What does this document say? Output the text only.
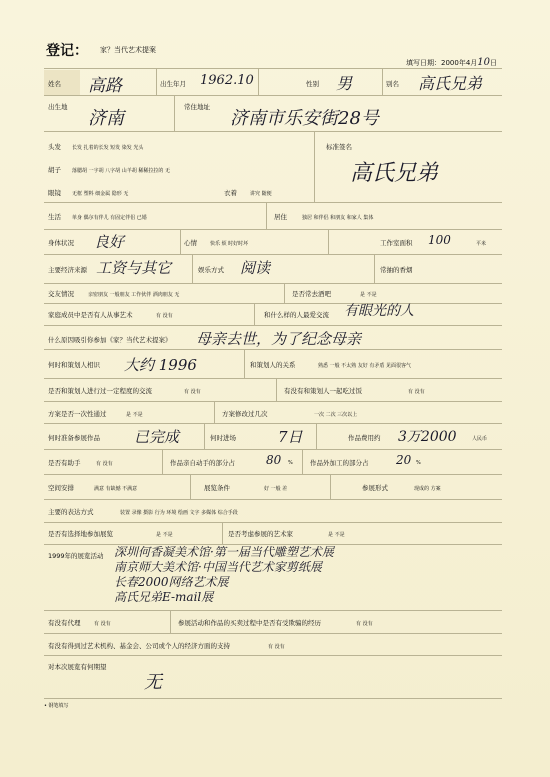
登记： 家？当代艺术提案
填写日期：2000年4月10日
姓名 高路	出生年月 1962.10	性别 男	别名 高氏兄弟
出生地
济南
常住地址
济南市乐安街28号
头发 长发 扎着的长发 短发 染发 光头
胡子 落腮胡 一字胡 八字胡 山羊胡 稀稀拉拉的 无
眼镜 无框 塑料 细金属 隐形 无	衣着	讲究 随便
标准签名
高氏兄弟
生活 单身 偶尔有伴儿 有固定伴侣 已婚	居住	独居 和伴侣 和朋友 和家人 集体
身体状况 良好	心情	快乐 烦 时好时坏	工作室面积 100	平米
主要经济来源 工资与其它	娱乐方式 阅读	常抽的香烟
交友情况	亲密朋友 一般朋友 工作伙伴 酒肉朋友 无	是否常去酒吧	是 不是
家庭成员中是否有人从事艺术	有 没有	和什么样的人最爱交流 有眼光的人
什么原因吸引你参加《家？当代艺术提案》 母亲去世，为了纪念母亲
何时和策划人相识 大约 1996	和策划人的关系	熟悉 一般 不太熟 友好 有矛盾 见面很客气
是否和策划人进行过一定程度的交流	有 没有	有没有和策划人一起吃过饭	有 没有
方案是否一次性通过	是 不是	方案修改过几次	一次 二次 三次以上
何时准备参展作品 已完成	何时进场	7日	作品费用约 3万2000	人民币
是否有助手	有 没有	作品亲自动手的部分占	80 %	作品外加工的部分占 20 %
空间安排	满意 有缺憾 不满意	展览条件	好 一般 差	参展形式	现成的 方案
主要的表达方式	装置 录像 摄影 行为 环境 绘画 文字 多媒体 综合手段
是否有选择地参加展览	是 不是	是否考虑参展的艺术家	是 不是
1999年的展览活动 深圳何香凝美术馆·第一届当代雕塑艺术展
南京师大美术馆·中国当代艺术家剪纸展
长春2000网络艺术展
高氏兄弟E-mail展
有没有代理	有 没有	参展活动和作品的买卖过程中是否有受欺骗的经历	有 没有
有没有得到过艺术机构、基金会、公司或个人的经济方面的支持	有 没有
对本次展览有何期望
无
• 钢笔填写
